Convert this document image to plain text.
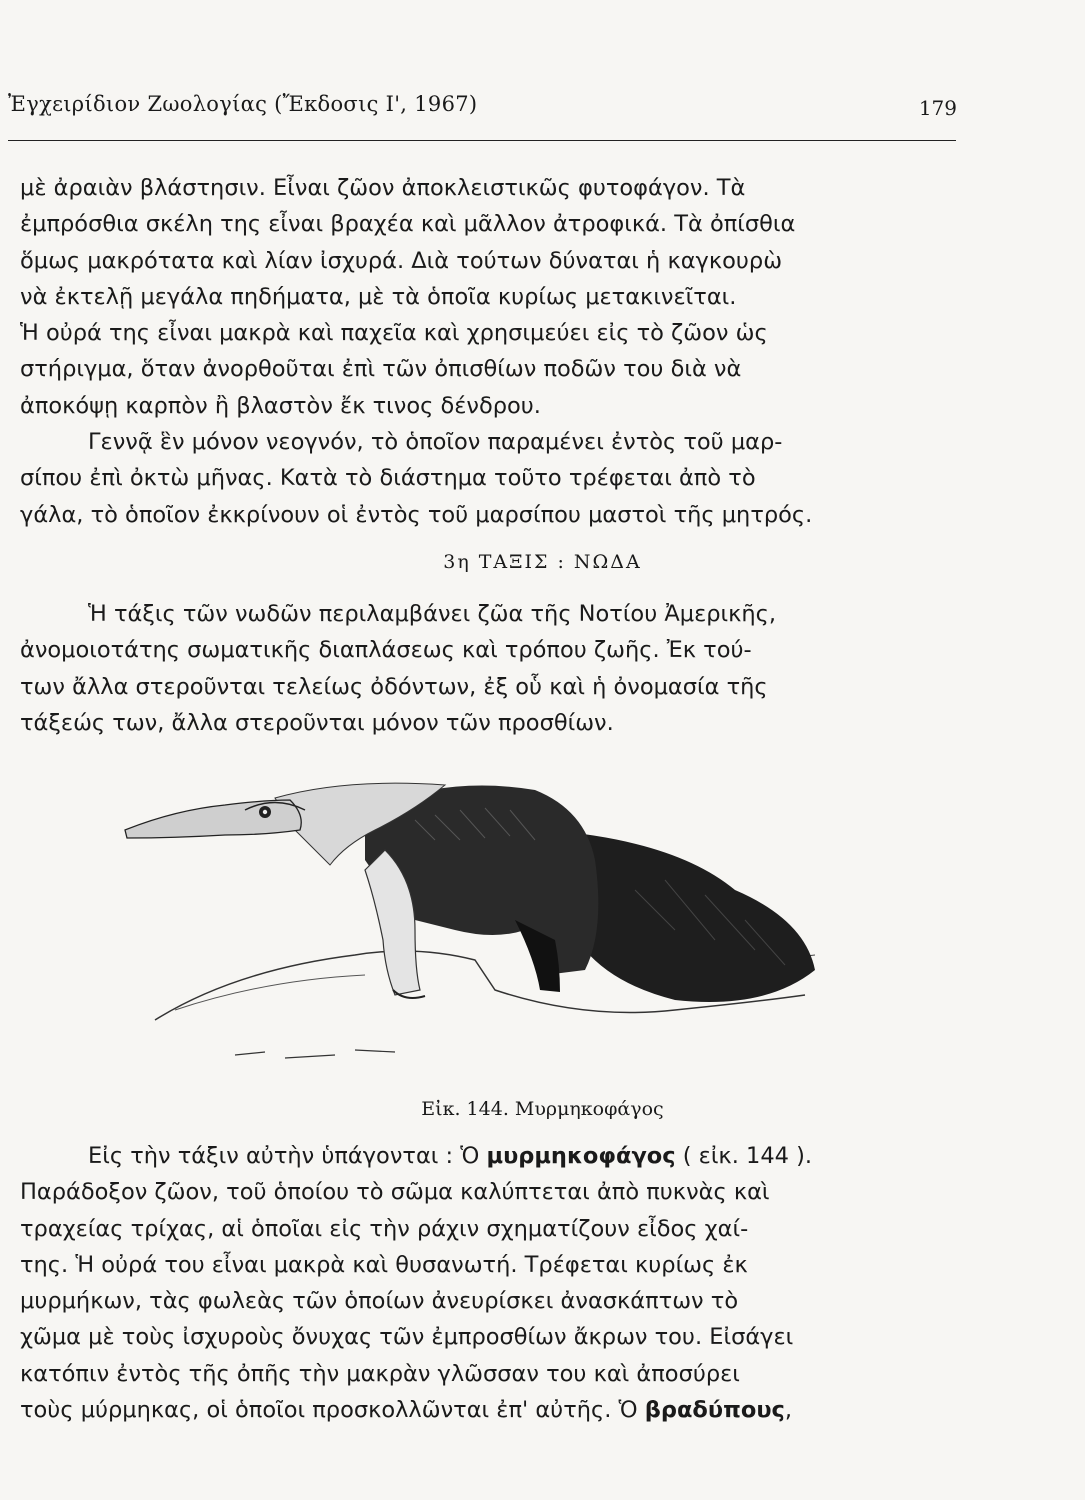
Ἐγχειρίδιον Ζωολογίας (Ἔκδοσις Ι', 1967)	179

μὲ ἀραιὰν βλάστησιν. Εἶναι ζῶον ἀποκλειστικῶς φυτοφάγον. Τὰ

ἐμπρόσθια σκέλη της εἶναι βραχέα καὶ μᾶλλον ἀτροφικά. Τὰ ὀπίσθια

ὅμως μακρότατα καὶ λίαν ἰσχυρά. Διὰ τούτων δύναται ἡ καγκουρὼ

νὰ ἐκτελῇ μεγάλα πηδήματα, μὲ τὰ ὁποῖα κυρίως μετακινεῖται.

Ἡ οὐρά της εἶναι μακρὰ καὶ παχεῖα καὶ χρησιμεύει εἰς τὸ ζῶον ὡς

στήριγμα, ὅταν ἀνορθοῦται ἐπὶ τῶν ὀπισθίων ποδῶν του διὰ νὰ

ἀποκόψῃ καρπὸν ἢ βλαστὸν ἔκ τινος δένδρου.

Γεννᾷ ἓν μόνον νεογνόν, τὸ ὁποῖον παραμένει ἐντὸς τοῦ μαρ-

σίπου ἐπὶ ὀκτὼ μῆνας. Κατὰ τὸ διάστημα τοῦτο τρέφεται ἀπὸ τὸ

γάλα, τὸ ὁποῖον ἐκκρίνουν οἱ ἐντὸς τοῦ μαρσίπου μαστοὶ τῆς μητρός.

3η ΤΑΞΙΣ : ΝΩΔΑ

Ἡ τάξις τῶν νωδῶν περιλαμβάνει ζῶα τῆς Νοτίου Ἀμερικῆς,

ἀνομοιοτάτης σωματικῆς διαπλάσεως καὶ τρόπου ζωῆς. Ἐκ τού-

των ἄλλα στεροῦνται τελείως ὀδόντων, ἐξ οὗ καὶ ἡ ὀνομασία τῆς

τάξεώς των, ἄλλα στεροῦνται μόνον τῶν προσθίων.

Εἰκ. 144. Μυρμηκοφάγος

Εἰς τὴν τάξιν αὐτὴν ὑπάγονται : Ὁ μυρμηκοφάγος ( εἰκ. 144 ).

Παράδοξον ζῶον, τοῦ ὁποίου τὸ σῶμα καλύπτεται ἀπὸ πυκνὰς καὶ

τραχείας τρίχας, αἱ ὁποῖαι εἰς τὴν ράχιν σχηματίζουν εἶδος χαί-

της. Ἡ οὐρά του εἶναι μακρὰ καὶ θυσανωτή. Τρέφεται κυρίως ἐκ

μυρμήκων, τὰς φωλεὰς τῶν ὁποίων ἀνευρίσκει ἀνασκάπτων τὸ

χῶμα μὲ τοὺς ἰσχυροὺς ὄνυχας τῶν ἐμπροσθίων ἄκρων του. Εἰσάγει

κατόπιν ἐντὸς τῆς ὀπῆς τὴν μακρὰν γλῶσσαν του καὶ ἀποσύρει

τοὺς μύρμηκας, οἱ ὁποῖοι προσκολλῶνται ἐπ' αὐτῆς. Ὁ βραδύπους,
